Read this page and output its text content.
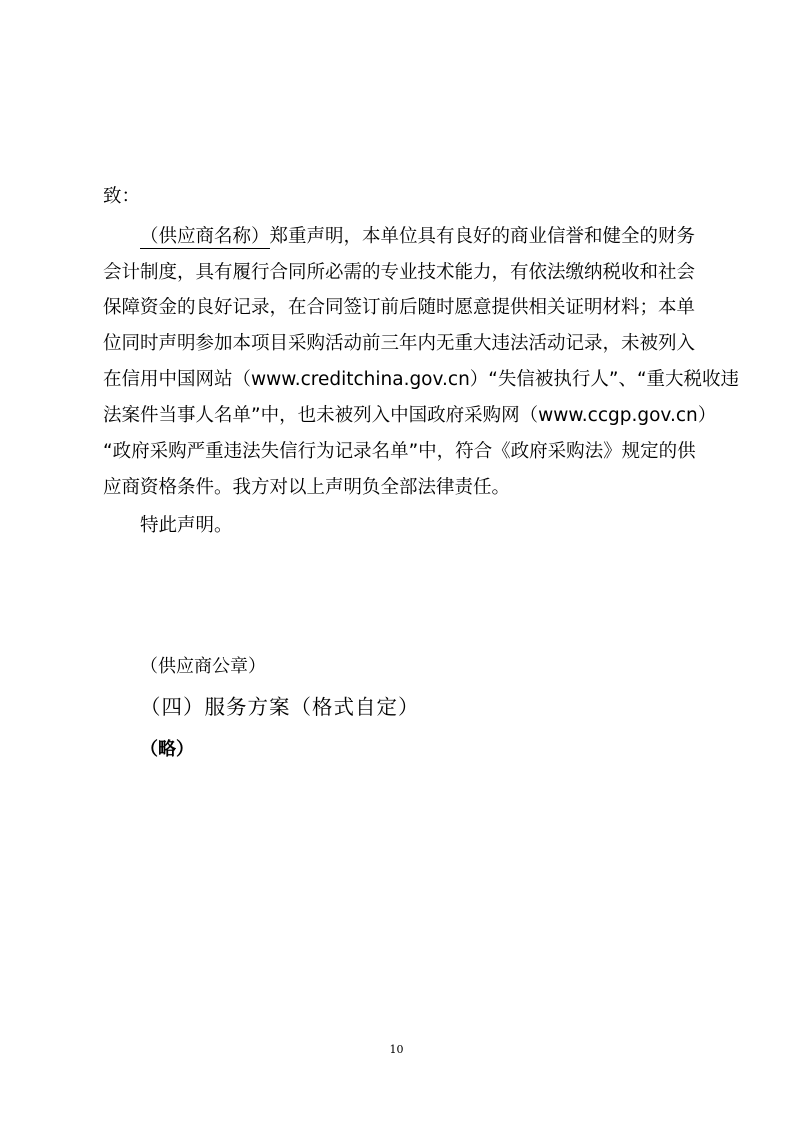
致：
（供应商名称）郑重声明，本单位具有良好的商业信誉和健全的财务
会计制度，具有履行合同所必需的专业技术能力，有依法缴纳税收和社会
保障资金的良好记录，在合同签订前后随时愿意提供相关证明材料；本单
位同时声明参加本项目采购活动前三年内无重大违法活动记录，未被列入
在信用中国网站（www.creditchina.gov.cn）“失信被执行人”、“重大税收违
法案件当事人名单”中，也未被列入中国政府采购网（www.ccgp.gov.cn）
“政府采购严重违法失信行为记录名单”中，符合《政府采购法》规定的供
应商资格条件。我方对以上声明负全部法律责任。
特此声明。
（供应商公章）
（四）服务方案（格式自定）
（略）
10
